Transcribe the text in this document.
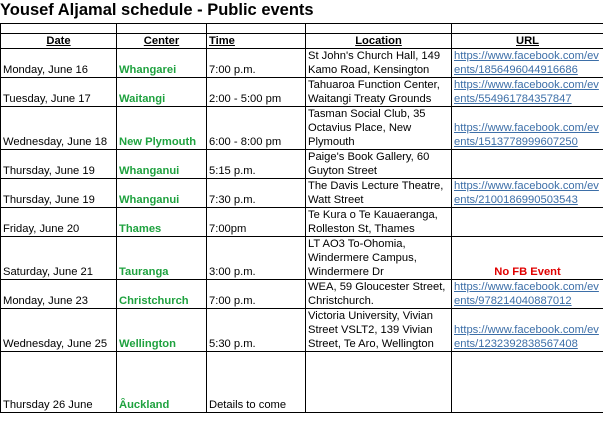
Yousef Aljamal schedule - Public events

Date	Center	Time	Location	URL
Monday, June 16	Whangarei	7:00 p.m.	St John's Church Hall, 149 Kamo Road, Kensington	https://www.facebook.com/events/1856496044916686
Tuesday, June 17	Waitangi	2:00 - 5:00 pm	Tahuaroa Function Center, Waitangi Treaty Grounds	https://www.facebook.com/events/554961784357847
Wednesday, June 18	New Plymouth	6:00 - 8:00 pm	Tasman Social Club, 35 Octavius Place, New Plymouth	https://www.facebook.com/events/1513778999607250
Thursday, June 19	Whanganui	5:15 p.m.	Paige's Book Gallery, 60 Guyton Street	
Thursday, June 19	Whanganui	7:30 p.m.	The Davis Lecture Theatre, Watt Street	https://www.facebook.com/events/2100186990503543
Friday, June 20	Thames	7:00pm	Te Kura o Te Kauaeranga, Rolleston St, Thames	
Saturday, June 21	Tauranga	3:00 p.m.	LT AO3 To-Ohomia, Windermere Campus, Windermere Dr	No FB Event
Monday, June 23	Christchurch	7:00 p.m.	WEA, 59 Gloucester Street, Christchurch.	https://www.facebook.com/events/978214040887012
Wednesday, June 25	Wellington	5:30 p.m.	Victoria University, Vivian Street VSLT2, 139 Vivian Street, Te Aro, Wellington	https://www.facebook.com/events/1232392838567408
Thursday 26 June	Ȃuckland	Details to come		
